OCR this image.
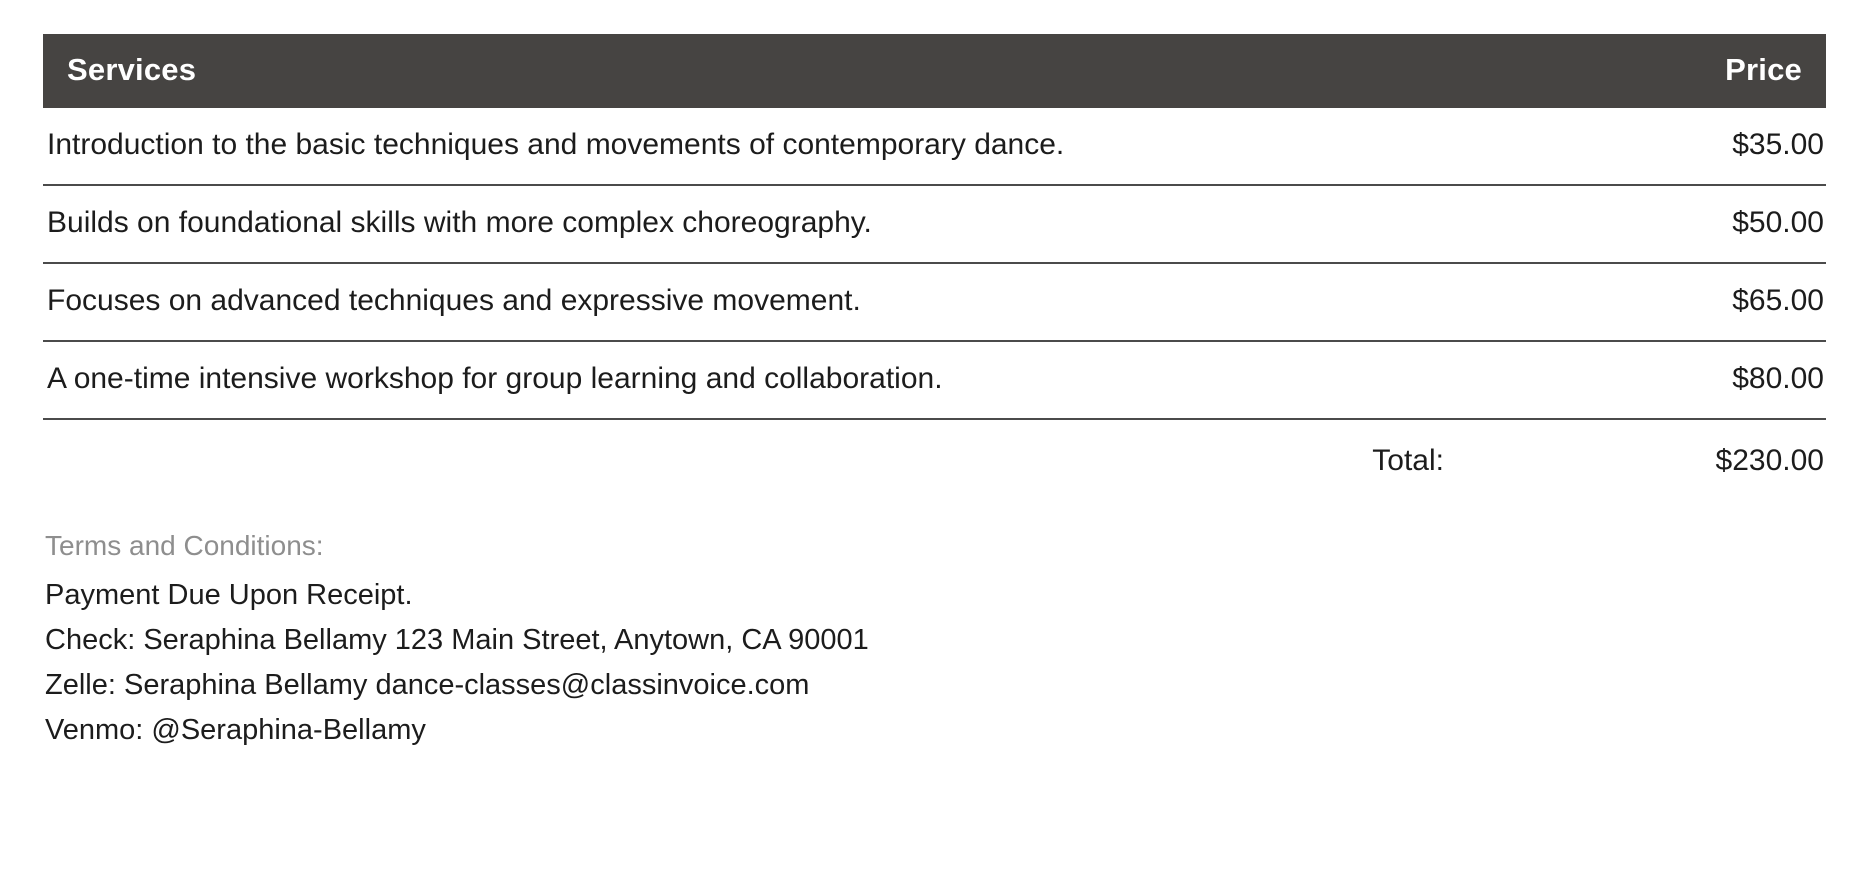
Services	Price
Introduction to the basic techniques and movements of contemporary dance.	$35.00
Builds on foundational skills with more complex choreography.	$50.00
Focuses on advanced techniques and expressive movement.	$65.00
A one-time intensive workshop for group learning and collaboration.	$80.00
Total:	$230.00
Terms and Conditions:
Payment Due Upon Receipt.
Check: Seraphina Bellamy 123 Main Street, Anytown, CA 90001
Zelle: Seraphina Bellamy dance-classes@classinvoice.com
Venmo: @Seraphina-Bellamy
